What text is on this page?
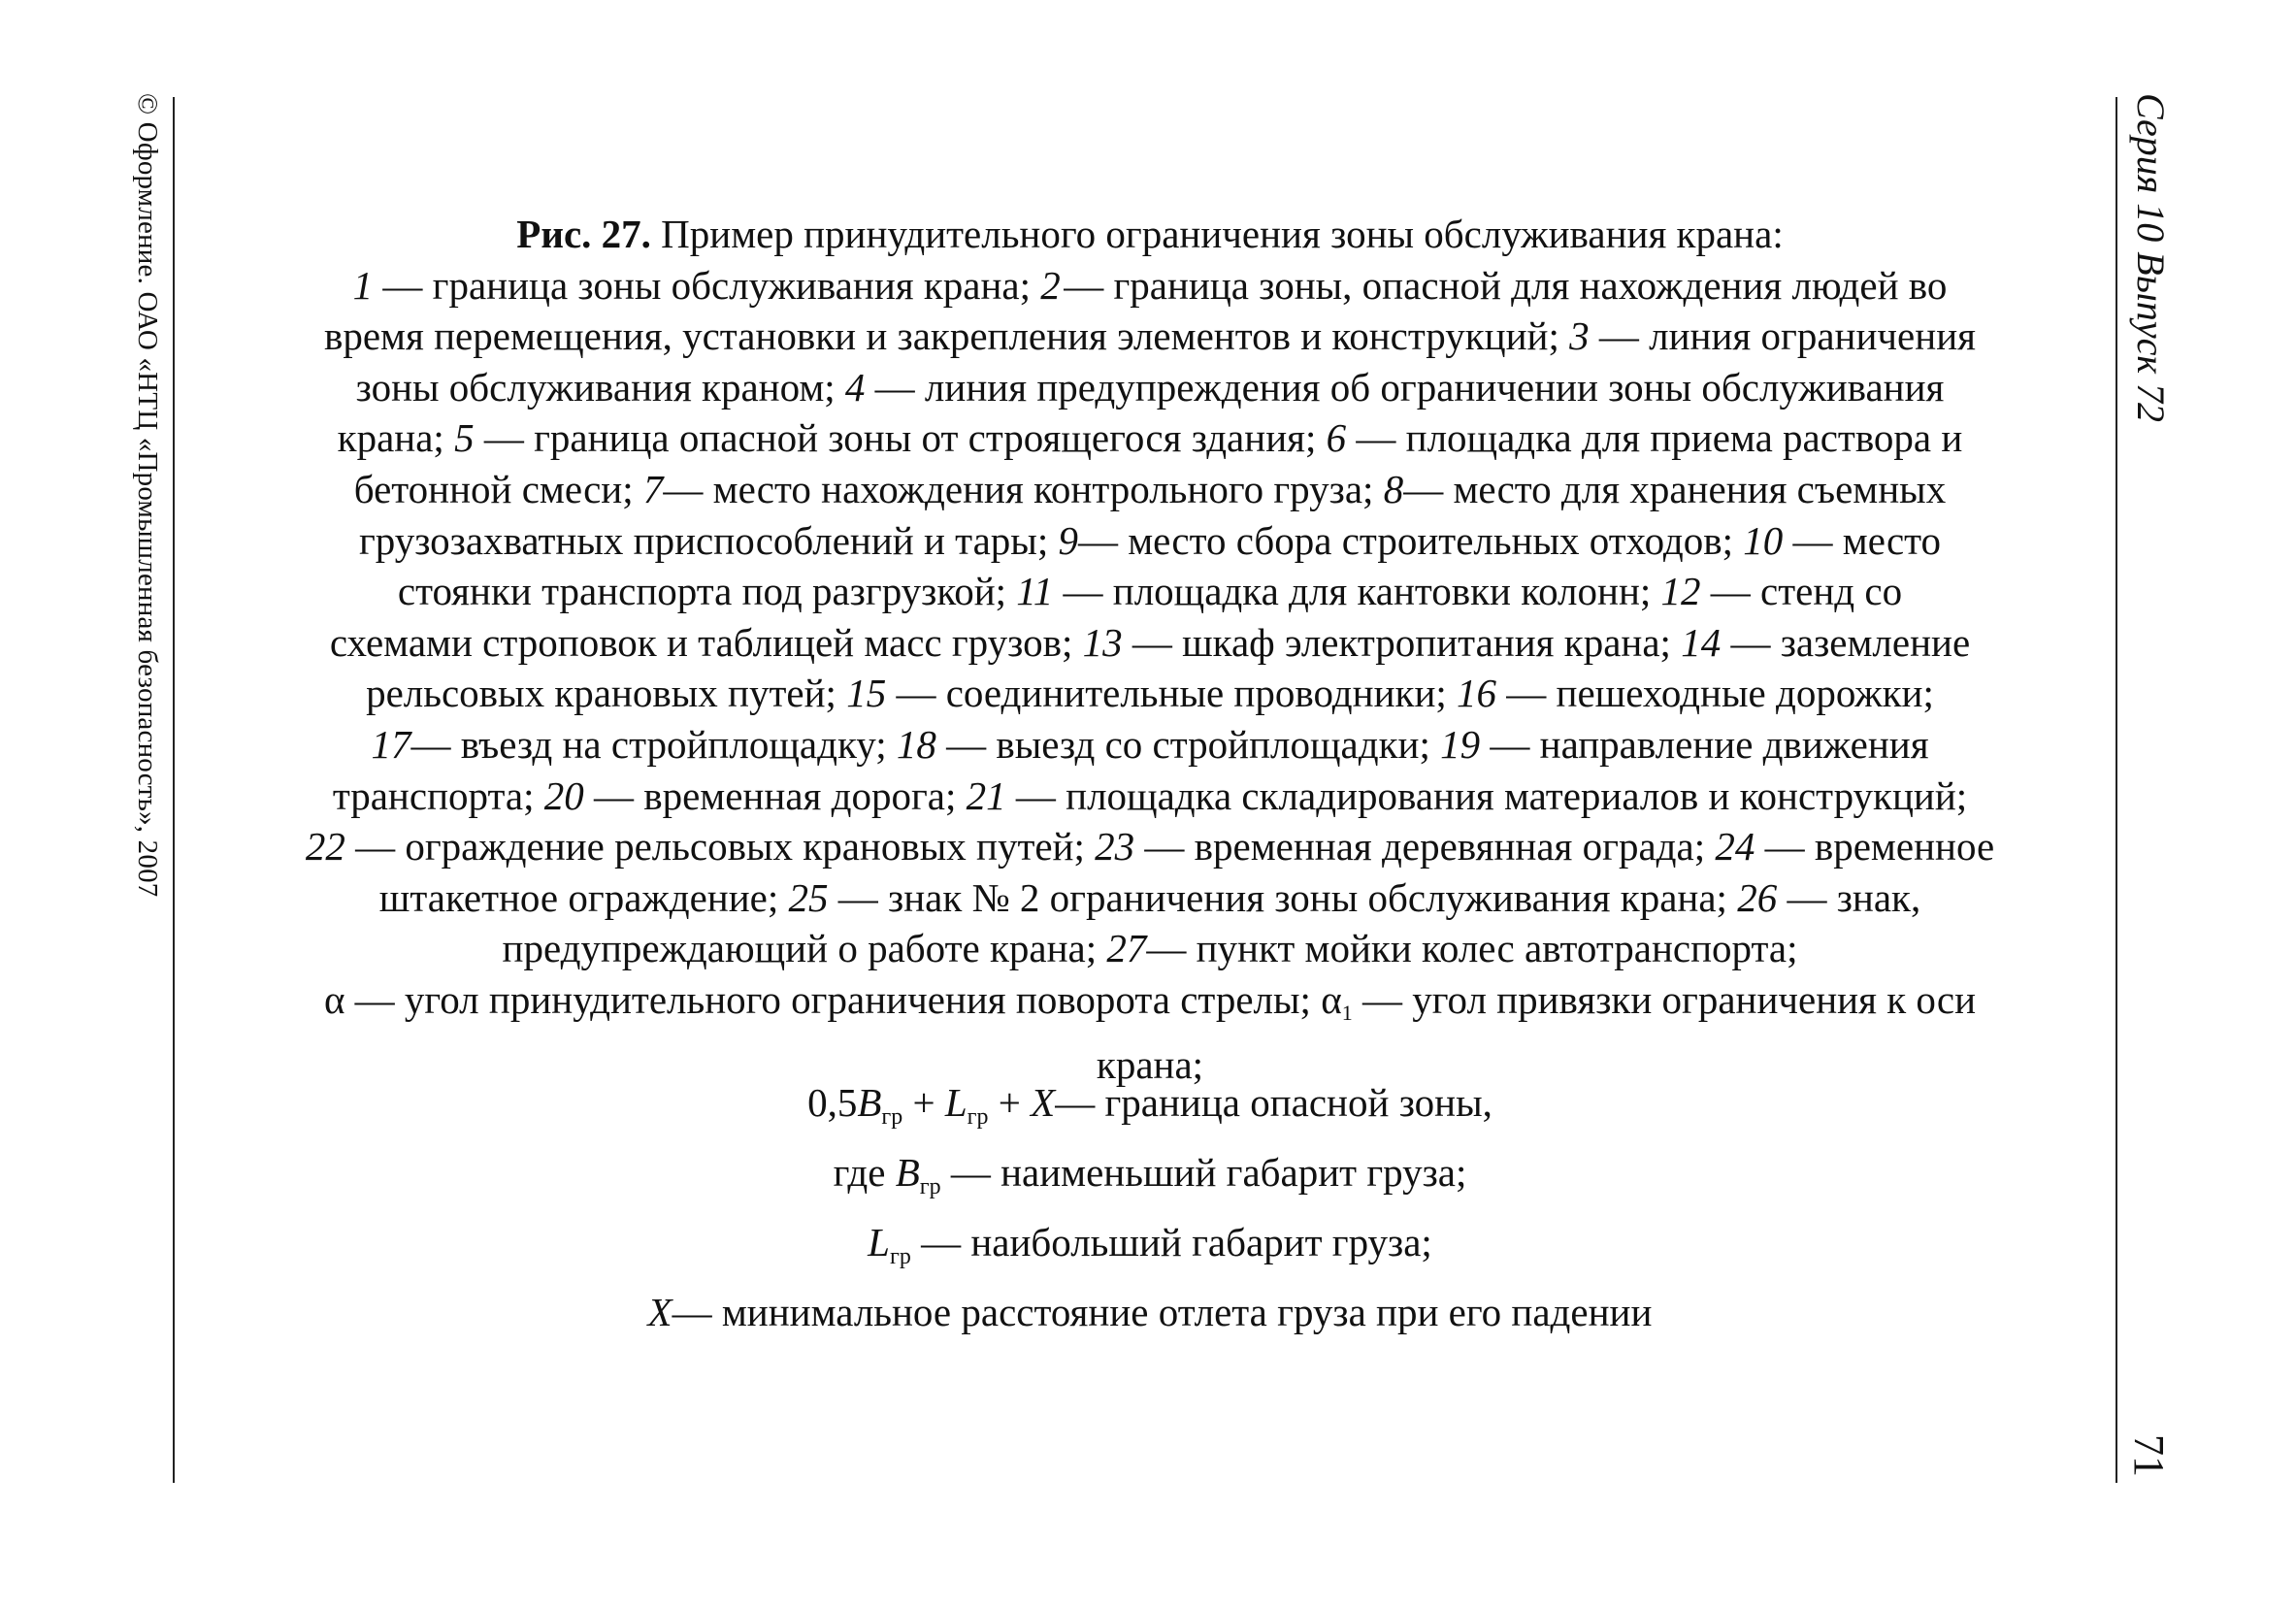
© Оформление. ОАО «НТЦ «Промышленная безопасность», 2007	Серия 10 Выпуск 72
71
Рис. 27. Пример принудительного ограничения зоны обслуживания крана:
1 — граница зоны обслуживания крана; 2 — граница зоны, опасной для нахождения людей во
время перемещения, установки и закрепления элементов и конструкций; 3 — линия ограничения
зоны обслуживания краном; 4 — линия предупреждения об ограничении зоны обслуживания
крана; 5 — граница опасной зоны от строящегося здания; 6 — площадка для приема раствора и
бетонной смеси; 7— место нахождения контрольного груза; 8— место для хранения съемных
грузозахватных приспособлений и тары; 9— место сбора строительных отходов; 10 — место
стоянки транспорта под разгрузкой; 11 — площадка для кантовки колонн; 12 — стенд со
схемами строповок и таблицей масс грузов; 13 — шкаф электропитания крана; 14 — заземление
рельсовых крановых путей; 15 — соединительные проводники; 16 — пешеходные дорожки;
17— въезд на стройплощадку; 18 — выезд со стройплощадки; 19 — направление движения
транспорта; 20 — временная дорога; 21 — площадка складирования материалов и конструкций;
22 — ограждение рельсовых крановых путей; 23 — временная деревянная ограда; 24 — временное
штакетное ограждение; 25 — знак № 2 ограничения зоны обслуживания крана; 26 — знак,
предупреждающий о работе крана; 27— пункт мойки колес автотранспорта;
α — угол принудительного ограничения поворота стрелы; $\alpha_1$ — угол привязки ограничения к оси
крана;
$0,5B_{гр} + L_{гр}$ + X— граница опасной зоны,
где $B_{гр}$ — наименьший габарит груза;
$L_{гр}$ — наибольший габарит груза;
X— минимальное расстояние отлета груза при его падении
